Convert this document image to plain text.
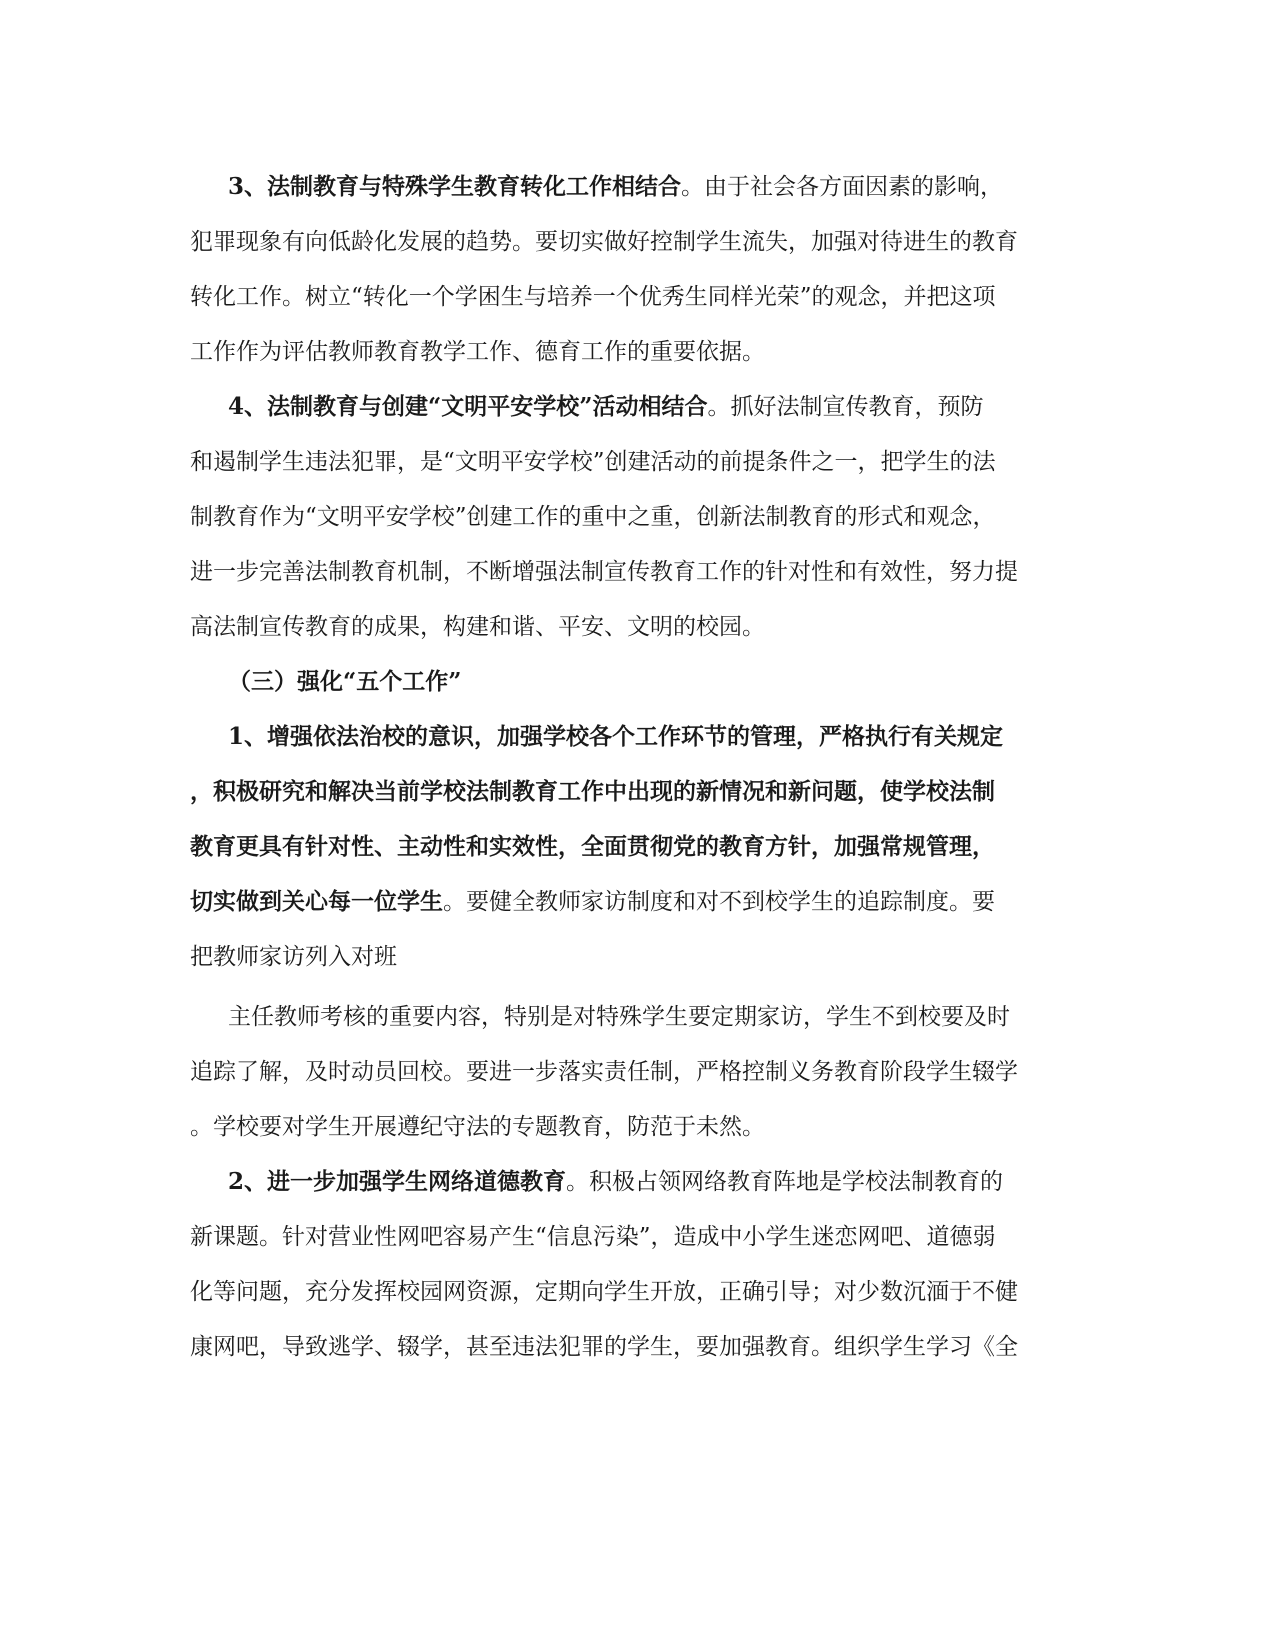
3、法制教育与特殊学生教育转化工作相结合。由于社会各方面因素的影响，
犯罪现象有向低龄化发展的趋势。要切实做好控制学生流失，加强对待进生的教育
转化工作。树立“转化一个学困生与培养一个优秀生同样光荣”的观念，并把这项
工作作为评估教师教育教学工作、德育工作的重要依据。
4、法制教育与创建“文明平安学校”活动相结合。抓好法制宣传教育，预防
和遏制学生违法犯罪，是“文明平安学校”创建活动的前提条件之一，把学生的法
制教育作为“文明平安学校”创建工作的重中之重，创新法制教育的形式和观念，
进一步完善法制教育机制，不断增强法制宣传教育工作的针对性和有效性，努力提
高法制宣传教育的成果，构建和谐、平安、文明的校园。
（三）强化“五个工作”
1、增强依法治校的意识，加强学校各个工作环节的管理，严格执行有关规定
，积极研究和解决当前学校法制教育工作中出现的新情况和新问题，使学校法制
教育更具有针对性、主动性和实效性，全面贯彻党的教育方针，加强常规管理，
切实做到关心每一位学生。要健全教师家访制度和对不到校学生的追踪制度。要
把教师家访列入对班
主任教师考核的重要内容，特别是对特殊学生要定期家访，学生不到校要及时
追踪了解，及时动员回校。要进一步落实责任制，严格控制义务教育阶段学生辍学
。学校要对学生开展遵纪守法的专题教育，防范于未然。
2、进一步加强学生网络道德教育。积极占领网络教育阵地是学校法制教育的
新课题。针对营业性网吧容易产生“信息污染”，造成中小学生迷恋网吧、道德弱
化等问题，充分发挥校园网资源，定期向学生开放，正确引导；对少数沉湎于不健
康网吧，导致逃学、辍学，甚至违法犯罪的学生，要加强教育。组织学生学习《全
